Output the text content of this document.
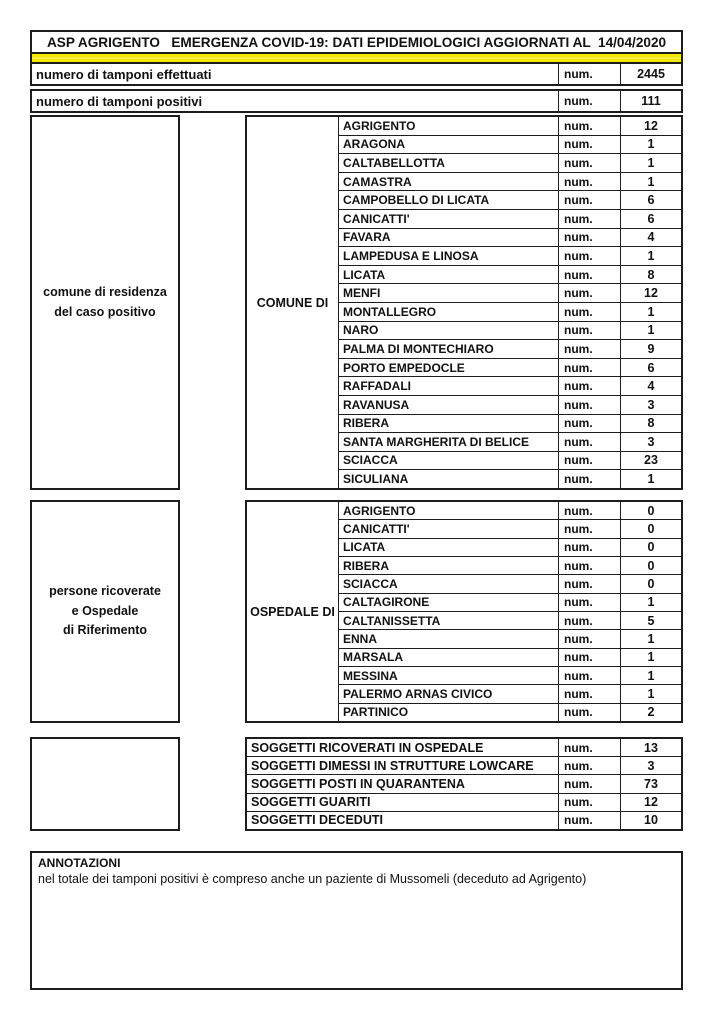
ASP AGRIGENTO   EMERGENZA COVID-19: DATI EPIDEMIOLOGICI AGGIORNATI AL  14/04/2020
numero di tamponi effettuati	num.	2445
numero di tamponi positivi	num.	111
comune di residenza
del caso positivo
COMUNE DI
AGRIGENTO	num.	12
ARAGONA	num.	1
CALTABELLOTTA	num.	1
CAMASTRA	num.	1
CAMPOBELLO DI LICATA	num.	6
CANICATTI'	num.	6
FAVARA	num.	4
LAMPEDUSA E LINOSA	num.	1
LICATA	num.	8
MENFI	num.	12
MONTALLEGRO	num.	1
NARO	num.	1
PALMA DI MONTECHIARO	num.	9
PORTO EMPEDOCLE	num.	6
RAFFADALI	num.	4
RAVANUSA	num.	3
RIBERA	num.	8
SANTA MARGHERITA DI BELICE	num.	3
SCIACCA	num.	23
SICULIANA	num.	1
persone ricoverate
e Ospedale
di Riferimento
OSPEDALE DI
AGRIGENTO	num.	0
CANICATTI'	num.	0
LICATA	num.	0
RIBERA	num.	0
SCIACCA	num.	0
CALTAGIRONE	num.	1
CALTANISSETTA	num.	5
ENNA	num.	1
MARSALA	num.	1
MESSINA	num.	1
PALERMO ARNAS CIVICO	num.	1
PARTINICO	num.	2
SOGGETTI RICOVERATI IN OSPEDALE	num.	13
SOGGETTI DIMESSI IN STRUTTURE LOWCARE	num.	3
SOGGETTI POSTI IN QUARANTENA	num.	73
SOGGETTI GUARITI	num.	12
SOGGETTI DECEDUTI	num.	10
ANNOTAZIONI
nel totale dei tamponi positivi è compreso anche un paziente di Mussomeli (deceduto ad Agrigento)
